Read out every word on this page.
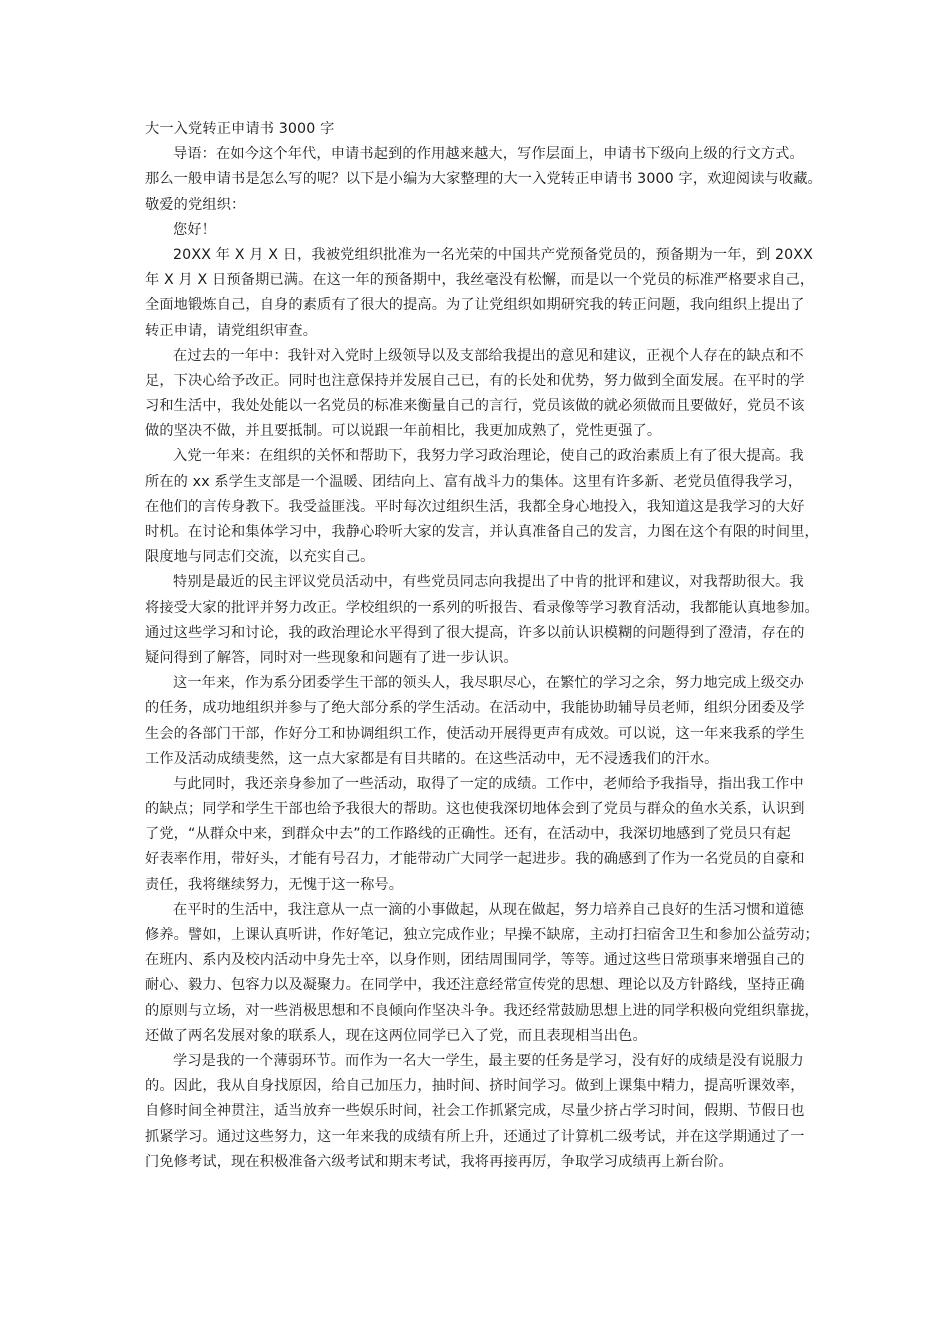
大一入党转正申请书 3000 字
导语：在如今这个年代，申请书起到的作用越来越大，写作层面上，申请书下级向上级的行文方式。
那么一般申请书是怎么写的呢？以下是小编为大家整理的大一入党转正申请书 3000 字，欢迎阅读与收藏。
敬爱的党组织：
您好！
20XX 年 X 月 X 日，我被党组织批准为一名光荣的中国共产党预备党员的，预备期为一年，到 20XX
年 X 月 X 日预备期已满。在这一年的预备期中，我丝毫没有松懈，而是以一个党员的标准严格要求自己，
全面地锻炼自己，自身的素质有了很大的提高。为了让党组织如期研究我的转正问题，我向组织上提出了
转正申请，请党组织审查。
在过去的一年中：我针对入党时上级领导以及支部给我提出的意见和建议，正视个人存在的缺点和不
足，下决心给予改正。同时也注意保持并发展自己已，有的长处和优势，努力做到全面发展。在平时的学
习和生活中，我处处能以一名党员的标准来衡量自己的言行，党员该做的就必须做而且要做好，党员不该
做的坚决不做，并且要抵制。可以说跟一年前相比，我更加成熟了，党性更强了。
入党一年来：在组织的关怀和帮助下，我努力学习政治理论，使自己的政治素质上有了很大提高。我
所在的 xx 系学生支部是一个温暖、团结向上、富有战斗力的集体。这里有许多新、老党员值得我学习，
在他们的言传身教下。我受益匪浅。平时每次过组织生活，我都全身心地投入，我知道这是我学习的大好
时机。在讨论和集体学习中，我静心聆听大家的发言，并认真准备自己的发言，力图在这个有限的时间里，
限度地与同志们交流，以充实自己。
特别是最近的民主评议党员活动中，有些党员同志向我提出了中肯的批评和建议，对我帮助很大。我
将接受大家的批评并努力改正。学校组织的一系列的听报告、看录像等学习教育活动，我都能认真地参加。
通过这些学习和讨论，我的政治理论水平得到了很大提高，许多以前认识模糊的问题得到了澄清，存在的
疑问得到了解答，同时对一些现象和问题有了进一步认识。
这一年来，作为系分团委学生干部的领头人，我尽职尽心，在繁忙的学习之余，努力地完成上级交办
的任务，成功地组织并参与了绝大部分系的学生活动。在活动中，我能协助辅导员老师，组织分团委及学
生会的各部门干部，作好分工和协调组织工作，使活动开展得更声有成效。可以说，这一年来我系的学生
工作及活动成绩斐然，这一点大家都是有目共睹的。在这些活动中，无不浸透我们的汗水。
与此同时，我还亲身参加了一些活动，取得了一定的成绩。工作中，老师给予我指导，指出我工作中
的缺点；同学和学生干部也给予我很大的帮助。这也使我深切地体会到了党员与群众的鱼水关系，认识到
了党，“从群众中来，到群众中去”的工作路线的正确性。还有，在活动中，我深切地感到了党员只有起
好表率作用，带好头，才能有号召力，才能带动广大同学一起进步。我的确感到了作为一名党员的自豪和
责任，我将继续努力，无愧于这一称号。
在平时的生活中，我注意从一点一滴的小事做起，从现在做起，努力培养自己良好的生活习惯和道德
修养。譬如，上课认真听讲，作好笔记，独立完成作业；早操不缺席，主动打扫宿舍卫生和参加公益劳动；
在班内、系内及校内活动中身先士卒，以身作则，团结周围同学，等等。通过这些日常琐事来增强自己的
耐心、毅力、包容力以及凝聚力。在同学中，我还注意经常宣传党的思想、理论以及方针路线，坚持正确
的原则与立场，对一些消极思想和不良倾向作坚决斗争。我还经常鼓励思想上进的同学积极向党组织靠拢，
还做了两名发展对象的联系人，现在这两位同学已入了党，而且表现相当出色。
学习是我的一个薄弱环节。而作为一名大一学生，最主要的任务是学习，没有好的成绩是没有说服力
的。因此，我从自身找原因，给自己加压力，抽时间、挤时间学习。做到上课集中精力，提高听课效率，
自修时间全神贯注，适当放弃一些娱乐时间，社会工作抓紧完成，尽量少挤占学习时间，假期、节假日也
抓紧学习。通过这些努力，这一年来我的成绩有所上升，还通过了计算机二级考试，并在这学期通过了一
门免修考试，现在积极准备六级考试和期末考试，我将再接再厉，争取学习成绩再上新台阶。
